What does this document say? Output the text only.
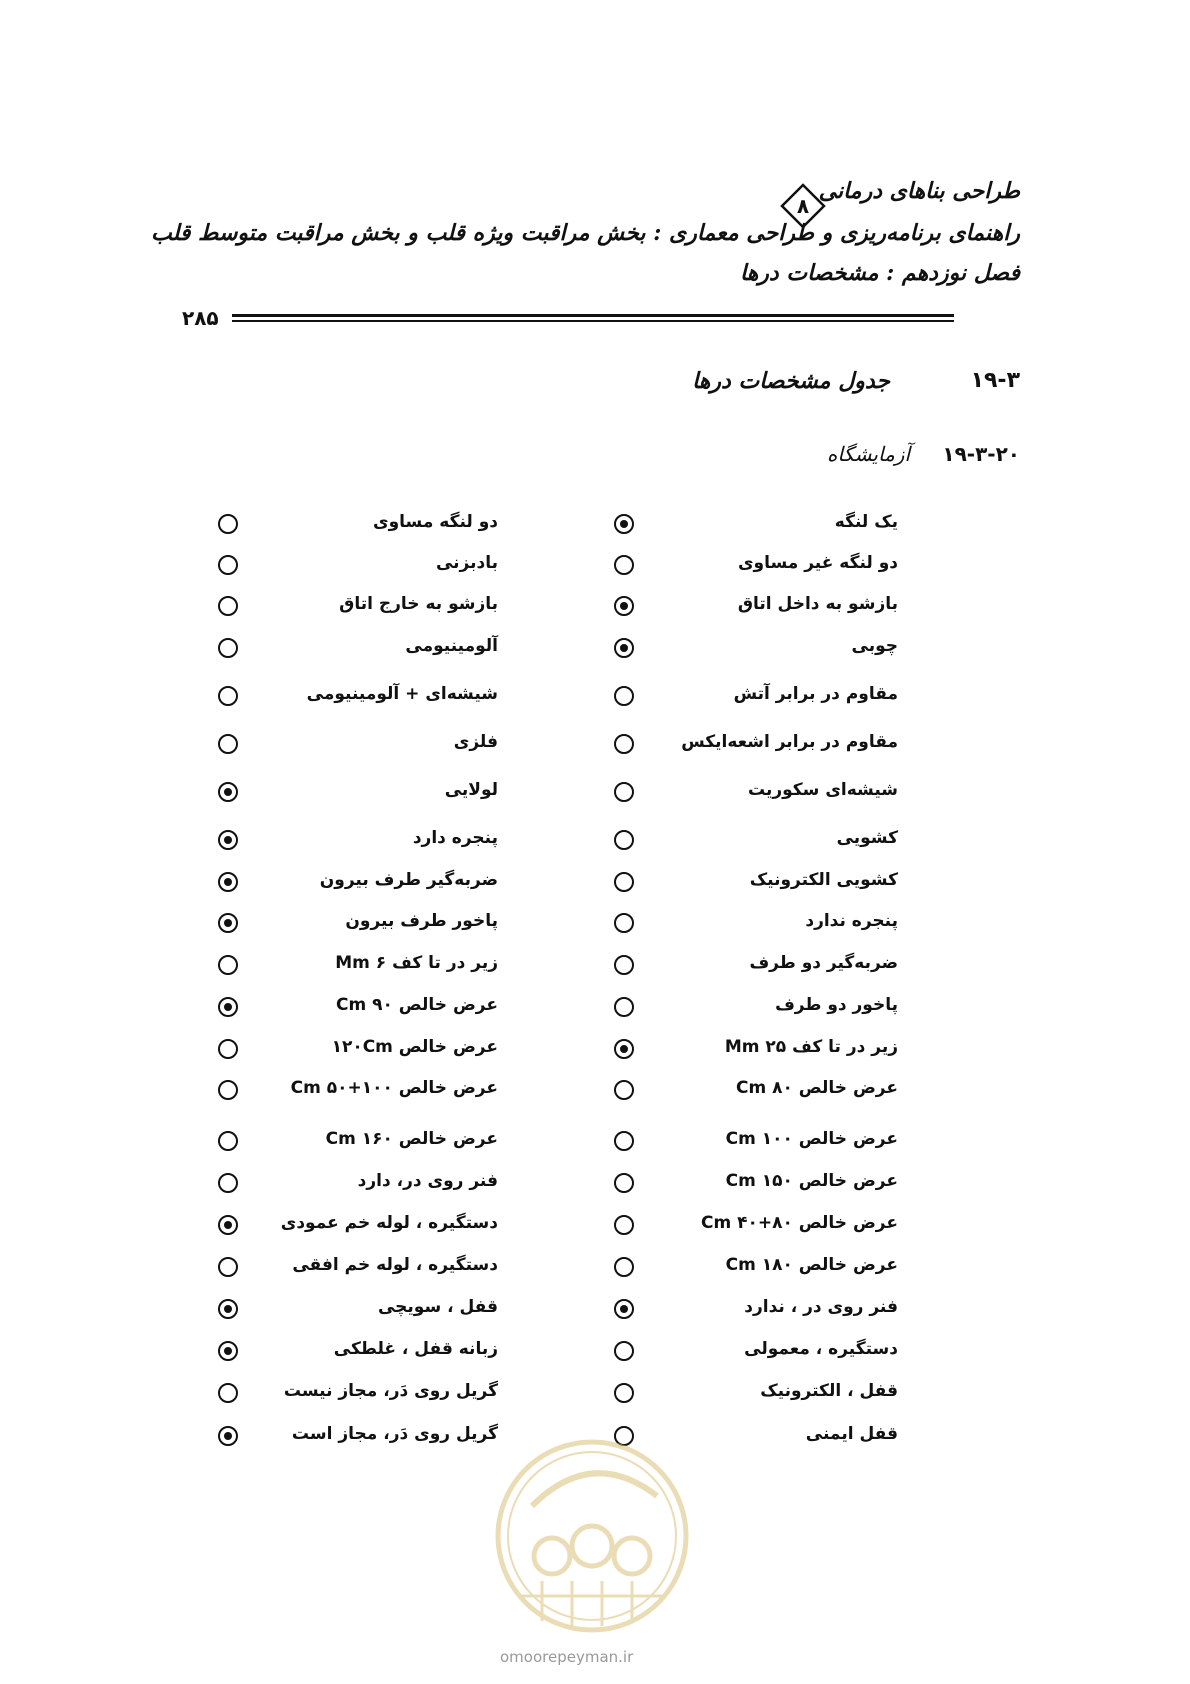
طراحی بناهای درمانی
۸
راهنمای برنامه‌ریزی و طراحی معماری : بخش مراقبت ویژه قلب و بخش مراقبت متوسط قلب
فصل نوزدهم : مشخصات درها
۲۸۵
۱۹-۳
جدول مشخصات درها
۱۹-۳-۲۰
آزمایشگاه
یک لنگه
دو لنگه غیر مساوی
بازشو به داخل اتاق
چوبی
مقاوم در برابر آتش
مقاوم در برابر اشعه‌ایکس
شیشه‌ای سکوریت
کشویی
کشویی الکترونیک
پنجره ندارد
ضربه‌گیر دو طرف
پاخور دو طرف
زیر در تا کف ۲۵ Mm
عرض خالص ۸۰ Cm
عرض خالص ۱۰۰ Cm
عرض خالص ۱۵۰ Cm
عرض خالص ۸۰+۴۰ Cm
عرض خالص ۱۸۰ Cm
فنر روی در ، ندارد
دستگیره ، معمولی
قفل ، الکترونیک
قفل ایمنی
دو لنگه مساوی
بادبزنی
بازشو به خارج اتاق
آلومینیومی
شیشه‌ای + آلومینیومی
فلزی
لولایی
پنجره دارد
ضربه‌گیر طرف بیرون
پاخور طرف بیرون
زیر در تا کف ۶ Mm
عرض خالص ۹۰ Cm
عرض خالص ۱۲۰Cm
عرض خالص ۱۰۰+۵۰ Cm
عرض خالص ۱۶۰ Cm
فنر روی در، دارد
دستگیره ، لوله خم عمودی
دستگیره ، لوله خم افقی
قفل ، سویچی
زبانه قفل ، غلطکی
گریل روی دَر، مجاز نیست
گریل روی دَر، مجاز است
omoorepeyman.ir
